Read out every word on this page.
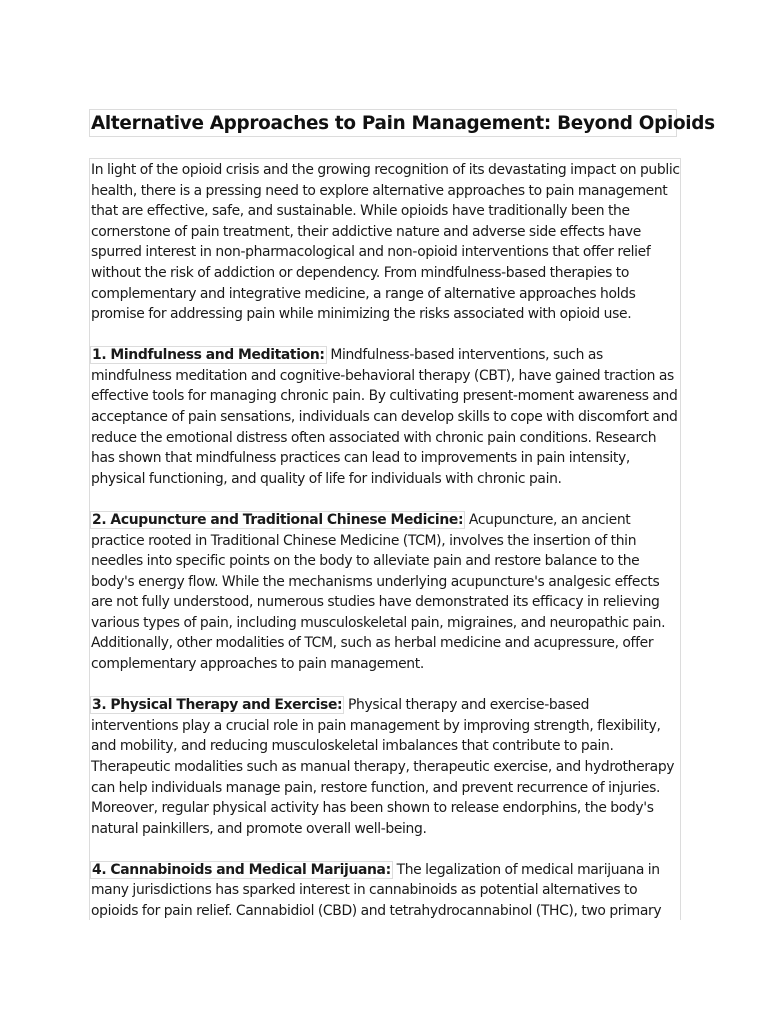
Alternative Approaches to Pain Management: Beyond Opioids

In light of the opioid crisis and the growing recognition of its devastating impact on public health, there is a pressing need to explore alternative approaches to pain management that are effective, safe, and sustainable. While opioids have traditionally been the cornerstone of pain treatment, their addictive nature and adverse side effects have spurred interest in non-pharmacological and non-opioid interventions that offer relief without the risk of addiction or dependency. From mindfulness-based therapies to complementary and integrative medicine, a range of alternative approaches holds promise for addressing pain while minimizing the risks associated with opioid use.

1. Mindfulness and Meditation: Mindfulness-based interventions, such as mindfulness meditation and cognitive-behavioral therapy (CBT), have gained traction as effective tools for managing chronic pain. By cultivating present-moment awareness and acceptance of pain sensations, individuals can develop skills to cope with discomfort and reduce the emotional distress often associated with chronic pain conditions. Research has shown that mindfulness practices can lead to improvements in pain intensity, physical functioning, and quality of life for individuals with chronic pain.

2. Acupuncture and Traditional Chinese Medicine: Acupuncture, an ancient practice rooted in Traditional Chinese Medicine (TCM), involves the insertion of thin needles into specific points on the body to alleviate pain and restore balance to the body's energy flow. While the mechanisms underlying acupuncture's analgesic effects are not fully understood, numerous studies have demonstrated its efficacy in relieving various types of pain, including musculoskeletal pain, migraines, and neuropathic pain. Additionally, other modalities of TCM, such as herbal medicine and acupressure, offer complementary approaches to pain management.

3. Physical Therapy and Exercise: Physical therapy and exercise-based interventions play a crucial role in pain management by improving strength, flexibility, and mobility, and reducing musculoskeletal imbalances that contribute to pain. Therapeutic modalities such as manual therapy, therapeutic exercise, and hydrotherapy can help individuals manage pain, restore function, and prevent recurrence of injuries. Moreover, regular physical activity has been shown to release endorphins, the body's natural painkillers, and promote overall well-being.

4. Cannabinoids and Medical Marijuana: The legalization of medical marijuana in many jurisdictions has sparked interest in cannabinoids as potential alternatives to opioids for pain relief. Cannabidiol (CBD) and tetrahydrocannabinol (THC), two primary
